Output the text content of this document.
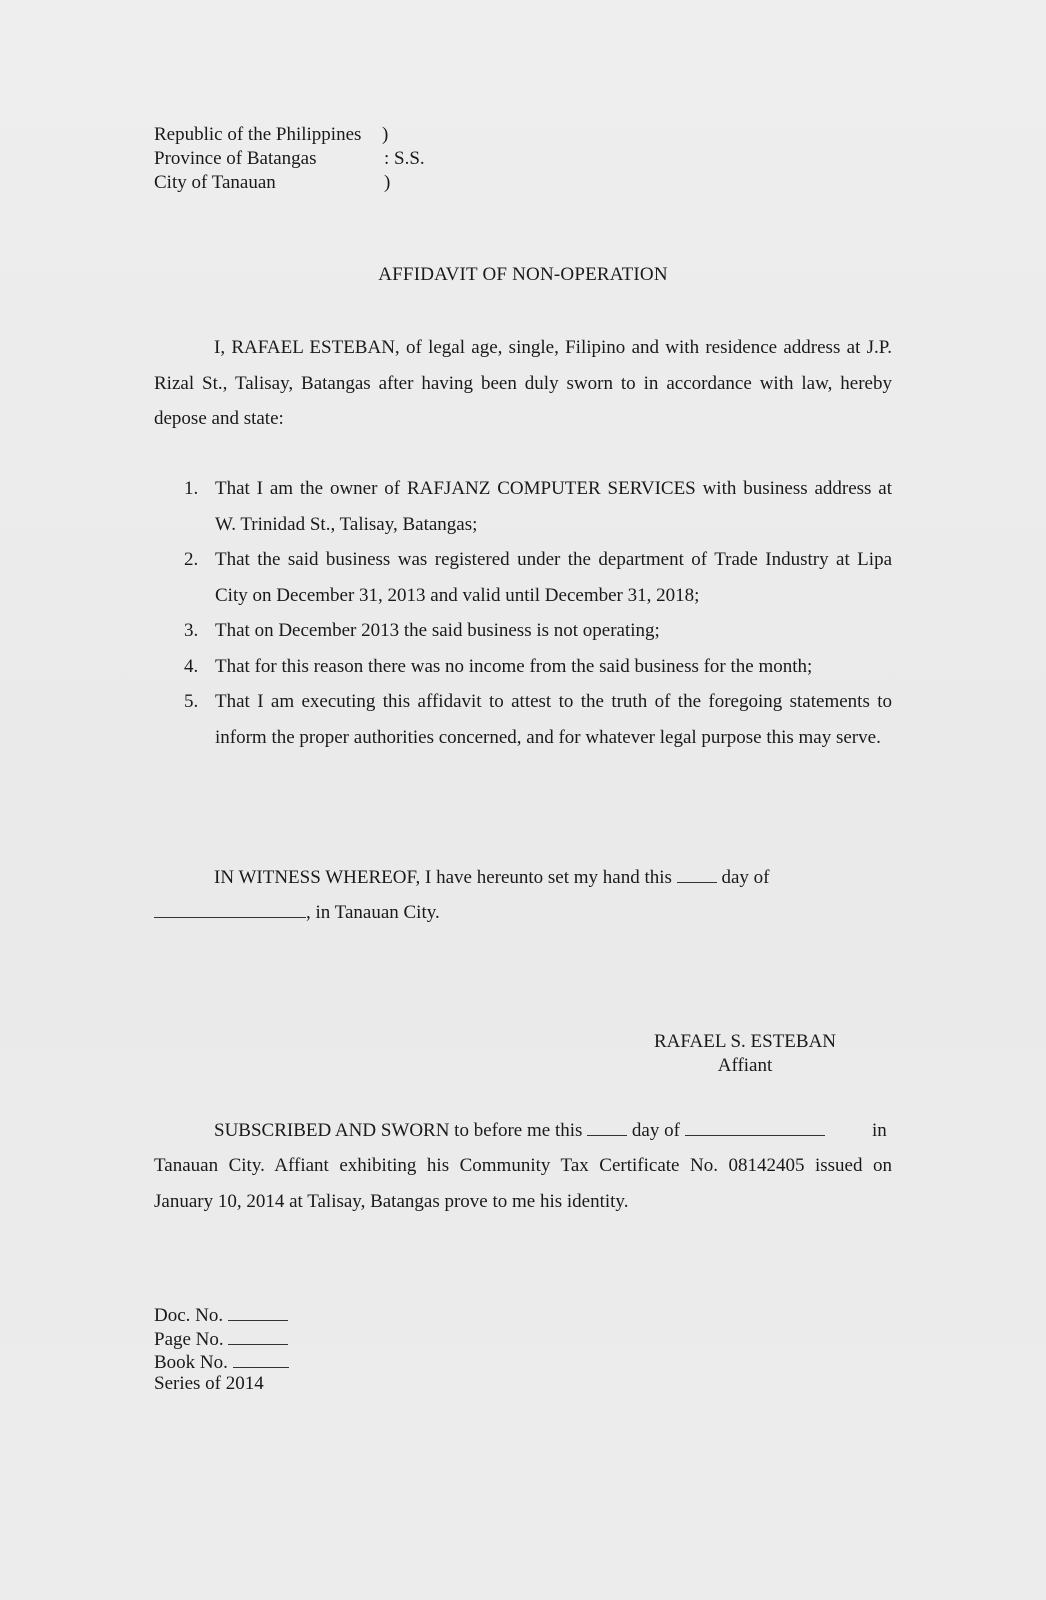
Republic of the Philippines )
Province of Batangas	: S.S.
City of Tanauan	)
AFFIDAVIT OF NON-OPERATION
I, RAFAEL ESTEBAN, of legal age, single, Filipino and with residence address at J.P. Rizal St., Talisay, Batangas after having been duly sworn to in accordance with law, hereby depose and state:
1. That I am the owner of RAFJANZ COMPUTER SERVICES with business address at W. Trinidad St., Talisay, Batangas;
2. That the said business was registered under the department of Trade Industry at Lipa City on December 31, 2013 and valid until December 31, 2018;
3. That on December 2013 the said business is not operating;
4. That for this reason there was no income from the said business for the month;
5. That I am executing this affidavit to attest to the truth of the foregoing statements to inform the proper authorities concerned, and for whatever legal purpose this may serve.
IN WITNESS WHEREOF, I have hereunto set my hand this	day of
, in Tanauan City.
RAFAEL S. ESTEBAN
Affiant
SUBSCRIBED AND SWORN to before me this	day of	in
Tanauan City. Affiant exhibiting his Community Tax Certificate No. 08142405 issued on January 10, 2014 at Talisay, Batangas prove to me his identity.
Doc. No.
Page No.
Book No.
Series of 2014
